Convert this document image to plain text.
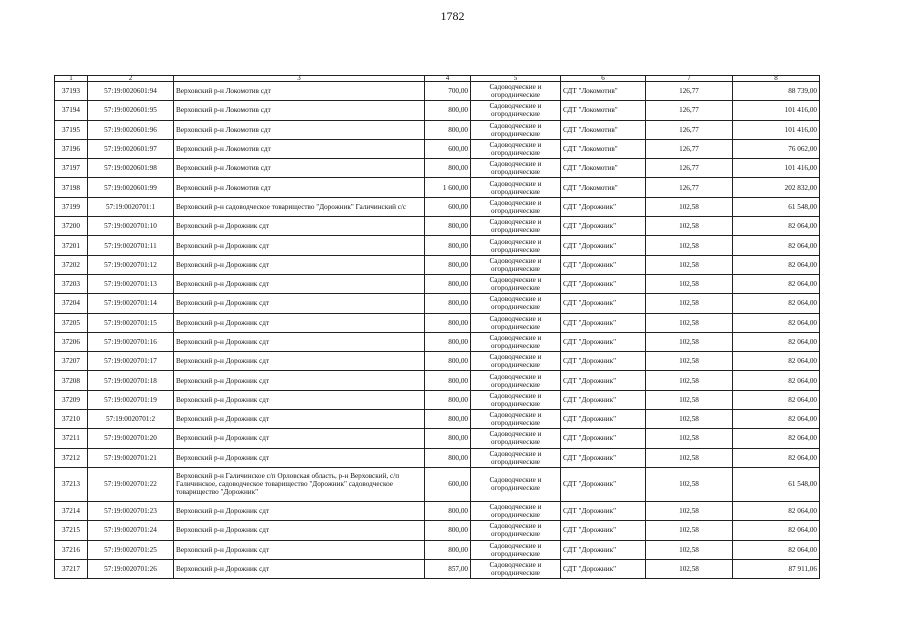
1782
1	2	3	4	5	6	7	8
37193	57:19:0020601:94	Верховский р-н Локомотив сдт	700,00	Садоводческие и огороднические	СДТ "Локомотив"	126,77	88 739,00
37194	57:19:0020601:95	Верховский р-н Локомотив сдт	800,00	Садоводческие и огороднические	СДТ "Локомотив"	126,77	101 416,00
37195	57:19:0020601:96	Верховский р-н Локомотив сдт	800,00	Садоводческие и огороднические	СДТ "Локомотив"	126,77	101 416,00
37196	57:19:0020601:97	Верховский р-н Локомотив сдт	600,00	Садоводческие и огороднические	СДТ "Локомотив"	126,77	76 062,00
37197	57:19:0020601:98	Верховский р-н Локомотив сдт	800,00	Садоводческие и огороднические	СДТ "Локомотив"	126,77	101 416,00
37198	57:19:0020601:99	Верховский р-н Локомотив сдт	1 600,00	Садоводческие и огороднические	СДТ "Локомотив"	126,77	202 832,00
37199	57:19:0020701:1	Верховский р-н садоводческое товарищество "Дорожник" Галичинский с/с	600,00	Садоводческие и огороднические	СДТ "Дорожник"	102,58	61 548,00
37200	57:19:0020701:10	Верховский р-н Дорожник сдт	800,00	Садоводческие и огороднические	СДТ "Дорожник"	102,58	82 064,00
37201	57:19:0020701:11	Верховский р-н Дорожник сдт	800,00	Садоводческие и огороднические	СДТ "Дорожник"	102,58	82 064,00
37202	57:19:0020701:12	Верховский р-н Дорожник сдт	800,00	Садоводческие и огороднические	СДТ "Дорожник"	102,58	82 064,00
37203	57:19:0020701:13	Верховский р-н Дорожник сдт	800,00	Садоводческие и огороднические	СДТ "Дорожник"	102,58	82 064,00
37204	57:19:0020701:14	Верховский р-н Дорожник сдт	800,00	Садоводческие и огороднические	СДТ "Дорожник"	102,58	82 064,00
37205	57:19:0020701:15	Верховский р-н Дорожник сдт	800,00	Садоводческие и огороднические	СДТ "Дорожник"	102,58	82 064,00
37206	57:19:0020701:16	Верховский р-н Дорожник сдт	800,00	Садоводческие и огороднические	СДТ "Дорожник"	102,58	82 064,00
37207	57:19:0020701:17	Верховский р-н Дорожник сдт	800,00	Садоводческие и огороднические	СДТ "Дорожник"	102,58	82 064,00
37208	57:19:0020701:18	Верховский р-н Дорожник сдт	800,00	Садоводческие и огороднические	СДТ "Дорожник"	102,58	82 064,00
37209	57:19:0020701:19	Верховский р-н Дорожник сдт	800,00	Садоводческие и огороднические	СДТ "Дорожник"	102,58	82 064,00
37210	57:19:0020701:2	Верховский р-н Дорожник сдт	800,00	Садоводческие и огороднические	СДТ "Дорожник"	102,58	82 064,00
37211	57:19:0020701:20	Верховский р-н Дорожник сдт	800,00	Садоводческие и огороднические	СДТ "Дорожник"	102,58	82 064,00
37212	57:19:0020701:21	Верховский р-н Дорожник сдт	800,00	Садоводческие и огороднические	СДТ "Дорожник"	102,58	82 064,00
37213	57:19:0020701:22	Верховский р-н Галичинское с/п Орловская область, р-н Верховский, с/п Галичинское, садоводческое товарищество "Дорожник" садоводческое товарищество "Дорожник"	600,00	Садоводческие и огороднические	СДТ "Дорожник"	102,58	61 548,00
37214	57:19:0020701:23	Верховский р-н Дорожник сдт	800,00	Садоводческие и огороднические	СДТ "Дорожник"	102,58	82 064,00
37215	57:19:0020701:24	Верховский р-н Дорожник сдт	800,00	Садоводческие и огороднические	СДТ "Дорожник"	102,58	82 064,00
37216	57:19:0020701:25	Верховский р-н Дорожник сдт	800,00	Садоводческие и огороднические	СДТ "Дорожник"	102,58	82 064,00
37217	57:19:0020701:26	Верховский р-н Дорожник сдт	857,00	Садоводческие и огороднические	СДТ "Дорожник"	102,58	87 911,06
